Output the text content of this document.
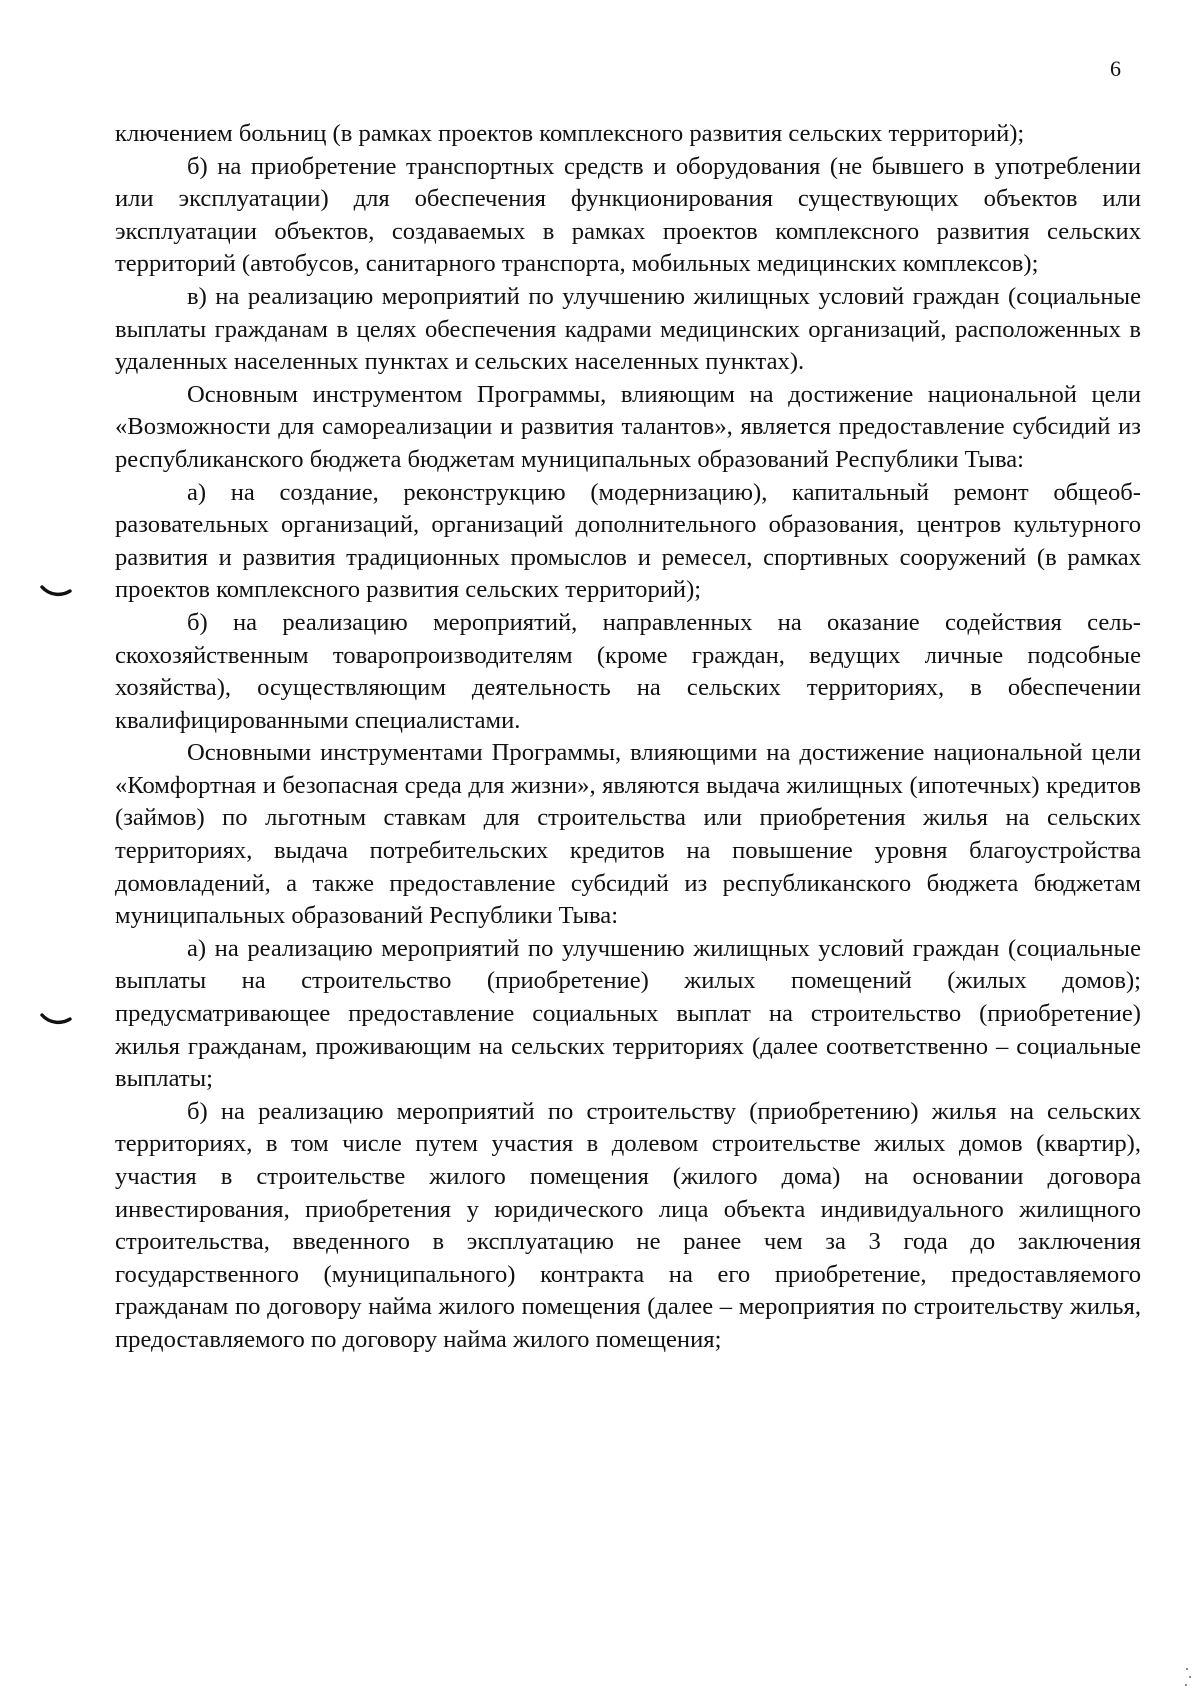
6

ключением больниц (в рамках проектов комплексного развития сельских территорий);

б) на приобретение транспортных средств и оборудования (не бывшего в употреблении или эксплуатации) для обеспечения функционирования существующих объектов или эксплуатации объектов, создаваемых в рамках проектов комплексного развития сельских территорий (автобусов, санитарного транспорта, мобильных медицинских комплексов);

в) на реализацию мероприятий по улучшению жилищных условий граждан (социальные выплаты гражданам в целях обеспечения кадрами медицинских организаций, расположенных в удаленных населенных пунктах и сельских населенных пунктах).

Основным инструментом Программы, влияющим на достижение национальной цели «Возможности для самореализации и развития талантов», является предоставление субсидий из республиканского бюджета бюджетам муниципальных образований Республики Тыва:

а) на создание, реконструкцию (модернизацию), капитальный ремонт общеобразовательных организаций, организаций дополнительного образования, центров культурного развития и развития традиционных промыслов и ремесел, спортивных сооружений (в рамках проектов комплексного развития сельских территорий);

б) на реализацию мероприятий, направленных на оказание содействия сельскохозяйственным товаропроизводителям (кроме граждан, ведущих личные подсобные хозяйства), осуществляющим деятельность на сельских территориях, в обеспечении квалифицированными специалистами.

Основными инструментами Программы, влияющими на достижение национальной цели «Комфортная и безопасная среда для жизни», являются выдача жилищных (ипотечных) кредитов (займов) по льготным ставкам для строительства или приобретения жилья на сельских территориях, выдача потребительских кредитов на повышение уровня благоустройства домовладений, а также предоставление субсидий из республиканского бюджета бюджетам муниципальных образований Республики Тыва:

а) на реализацию мероприятий по улучшению жилищных условий граждан (социальные выплаты на строительство (приобретение) жилых помещений (жилых домов); предусматривающее предоставление социальных выплат на строительство (приобретение) жилья гражданам, проживающим на сельских территориях (далее соответственно – социальные выплаты;

б) на реализацию мероприятий по строительству (приобретению) жилья на сельских территориях, в том числе путем участия в долевом строительстве жилых домов (квартир), участия в строительстве жилого помещения (жилого дома) на основании договора инвестирования, приобретения у юридического лица объекта индивидуального жилищного строительства, введенного в эксплуатацию не ранее чем за 3 года до заключения государственного (муниципального) контракта на его приобретение, предоставляемого гражданам по договору найма жилого помещения (далее – мероприятия по строительству жилья, предоставляемого по договору найма жилого помещения;
